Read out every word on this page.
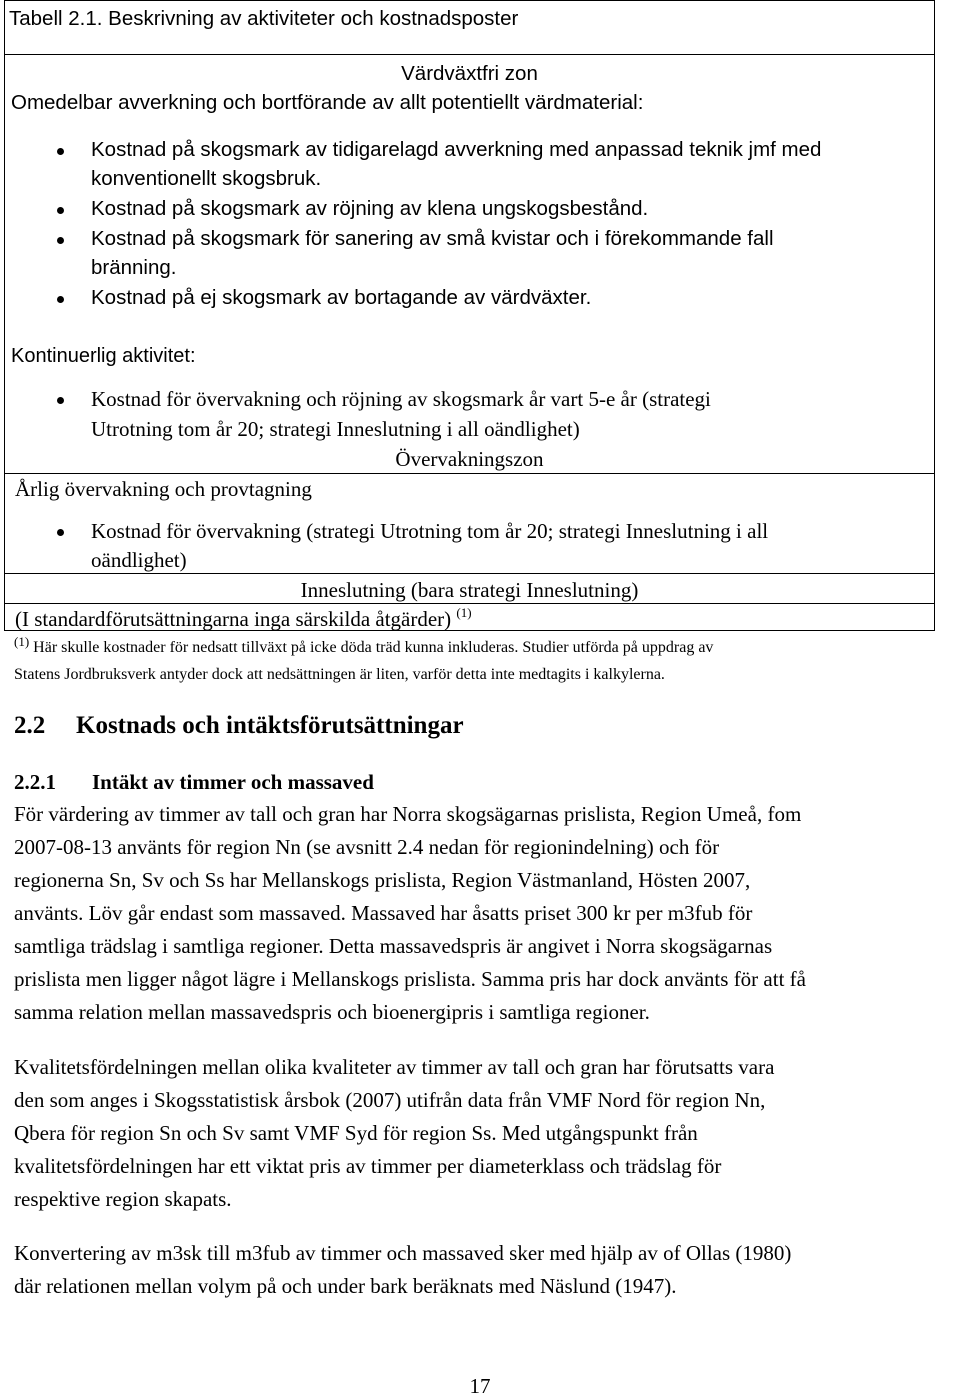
Tabell 2.1. Beskrivning av aktiviteter och kostnadsposter
Värdväxtfri zon
Omedelbar avverkning och bortförande av allt potentiellt värdmaterial:
Kostnad på skogsmark av tidigarelagd avverkning med anpassad teknik jmf med
konventionellt skogsbruk.
Kostnad på skogsmark av röjning av klena ungskogsbestånd.
Kostnad på skogsmark för sanering av små kvistar och i förekommande fall
bränning.
Kostnad på ej skogsmark av bortagande av värdväxter.
Kontinuerlig aktivitet:
Kostnad för övervakning och röjning av skogsmark år vart 5-e år (strategi
Utrotning tom år 20; strategi Inneslutning i all oändlighet)
Övervakningszon
Årlig övervakning och provtagning
Kostnad för övervakning (strategi Utrotning tom år 20; strategi Inneslutning i all
oändlighet)
Inneslutning (bara strategi Inneslutning)
(I standardförutsättningarna inga särskilda åtgärder) $^{(1)}$
$^{(1)}$ Här skulle kostnader för nedsatt tillväxt på icke döda träd kunna inkluderas. Studier utförda på uppdrag av
Statens Jordbruksverk antyder dock att nedsättningen är liten, varför detta inte medtagits i kalkylerna.
2.2 Kostnads och intäktsförutsättningar
2.2.1 Intäkt av timmer och massaved
För värdering av timmer av tall och gran har Norra skogsägarnas prislista, Region Umeå, fom
2007-08-13 använts för region Nn (se avsnitt 2.4 nedan för regionindelning) och för
regionerna Sn, Sv och Ss har Mellanskogs prislista, Region Västmanland, Hösten 2007,
använts. Löv går endast som massaved. Massaved har åsatts priset 300 kr per m3fub för
samtliga trädslag i samtliga regioner. Detta massavedspris är angivet i Norra skogsägarnas
prislista men ligger något lägre i Mellanskogs prislista. Samma pris har dock använts för att få
samma relation mellan massavedspris och bioenergipris i samtliga regioner.
Kvalitetsfördelningen mellan olika kvaliteter av timmer av tall och gran har förutsatts vara
den som anges i Skogsstatistisk årsbok (2007) utifrån data från VMF Nord för region Nn,
Qbera för region Sn och Sv samt VMF Syd för region Ss. Med utgångspunkt från
kvalitetsfördelningen har ett viktat pris av timmer per diameterklass och trädslag för
respektive region skapats.
Konvertering av m3sk till m3fub av timmer och massaved sker med hjälp av of Ollas (1980)
där relationen mellan volym på och under bark beräknats med Näslund (1947).
17
